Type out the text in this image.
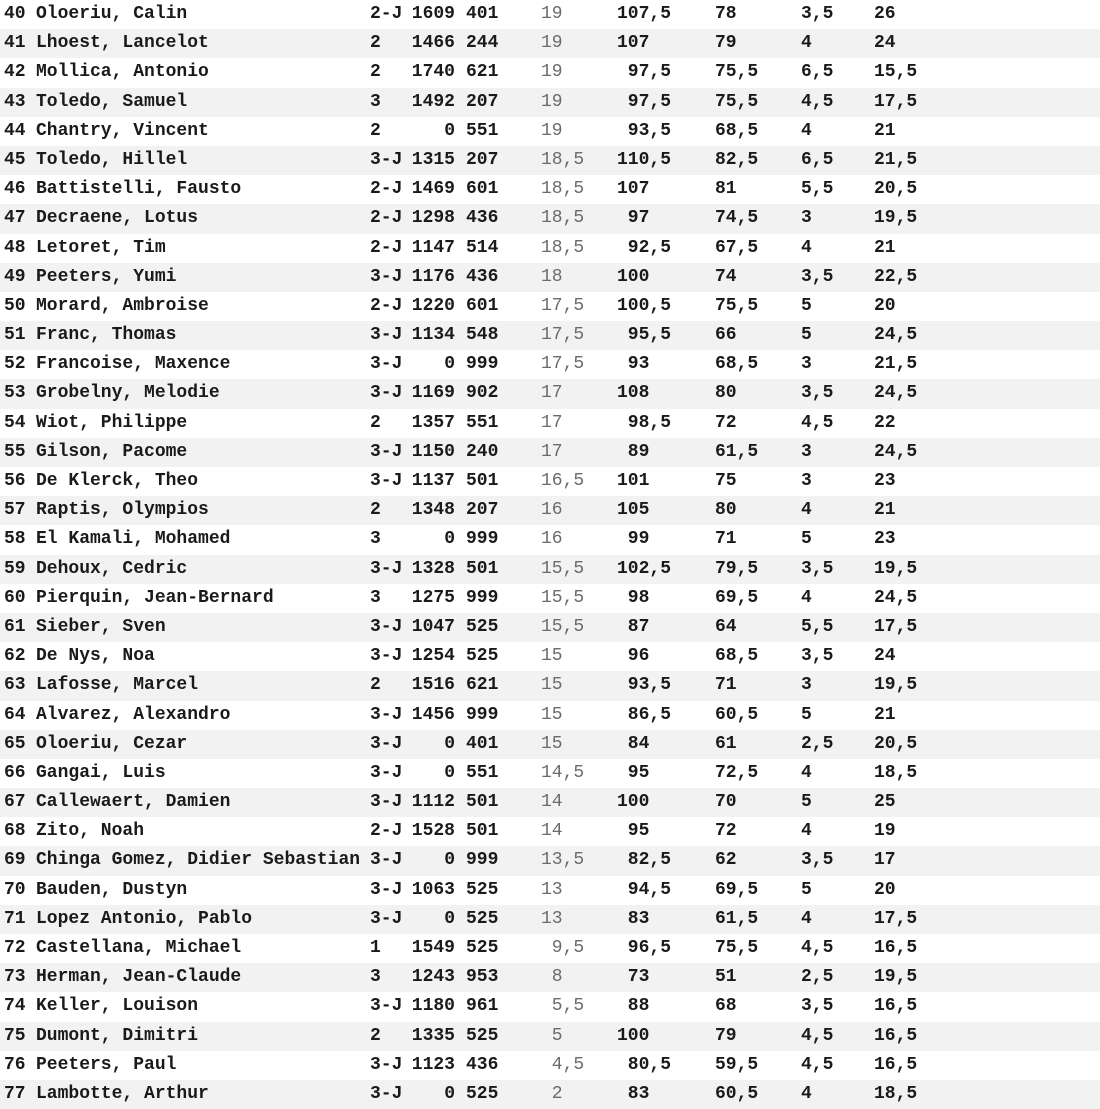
40 Oloeriu, Calin	2-J 1609 401 19	107,5 78	3,5 26
41 Lhoest, Lancelot	2	1466 244 19	107	79	4	24
42 Mollica, Antonio	2	1740 621 19	97,5 75,5 6,5 15,5
43 Toledo, Samuel	3	1492 207 19	97,5 75,5 4,5 17,5
44 Chantry, Vincent	2	0 551 19	93,5 68,5 4	21
45 Toledo, Hillel	3-J 1315 207 18,5 110,5 82,5 6,5 21,5
46 Battistelli, Fausto	2-J 1469 601 18,5 107	81	5,5 20,5
47 Decraene, Lotus	2-J 1298 436 18,5 97	74,5 3	19,5
48 Letoret, Tim	2-J 1147 514 18,5 92,5 67,5 4	21
49 Peeters, Yumi	3-J 1176 436 18	100	74	3,5 22,5
50 Morard, Ambroise	2-J 1220 601 17,5 100,5 75,5 5	20
51 Franc, Thomas	3-J 1134 548 17,5 95,5 66	5	24,5
52 Francoise, Maxence	3-J	0 999 17,5 93	68,5 3	21,5
53 Grobelny, Melodie	3-J 1169 902 17	108	80	3,5 24,5
54 Wiot, Philippe	2	1357 551 17	98,5 72	4,5 22
55 Gilson, Pacome	3-J 1150 240 17	89	61,5 3	24,5
56 De Klerck, Theo	3-J 1137 501 16,5 101	75	3	23
57 Raptis, Olympios	2	1348 207 16	105	80	4	21
58 El Kamali, Mohamed	3	0 999 16	99	71	5	23
59 Dehoux, Cedric	3-J 1328 501 15,5 102,5 79,5 3,5 19,5
60 Pierquin, Jean-Bernard	3	1275 999 15,5 98	69,5 4	24,5
61 Sieber, Sven	3-J 1047 525 15,5 87	64	5,5 17,5
62 De Nys, Noa	3-J 1254 525 15	96	68,5 3,5 24
63 Lafosse, Marcel	2	1516 621 15	93,5 71	3	19,5
64 Alvarez, Alexandro	3-J 1456 999 15	86,5 60,5 5	21
65 Oloeriu, Cezar	3-J	0 401 15	84	61	2,5 20,5
66 Gangai, Luis	3-J	0 551 14,5 95	72,5 4	18,5
67 Callewaert, Damien	3-J 1112 501 14	100	70	5	25
68 Zito, Noah	2-J 1528 501 14	95	72	4	19
69 Chinga Gomez, Didier Sebastian 3-J	0 999 13,5 82,5 62	3,5 17
70 Bauden, Dustyn	3-J 1063 525 13	94,5 69,5 5	20
71 Lopez Antonio, Pablo	3-J	0 525 13	83	61,5 4	17,5
72 Castellana, Michael	1	1549 525 9,5 96,5 75,5 4,5 16,5
73 Herman, Jean-Claude	3	1243 953 8	73	51	2,5 19,5
74 Keller, Louison	3-J 1180 961 5,5 88	68	3,5 16,5
75 Dumont, Dimitri	2	1335 525 5	100	79	4,5 16,5
76 Peeters, Paul	3-J 1123 436 4,5 80,5 59,5 4,5 16,5
77 Lambotte, Arthur	3-J	0 525 2	83	60,5 4	18,5
